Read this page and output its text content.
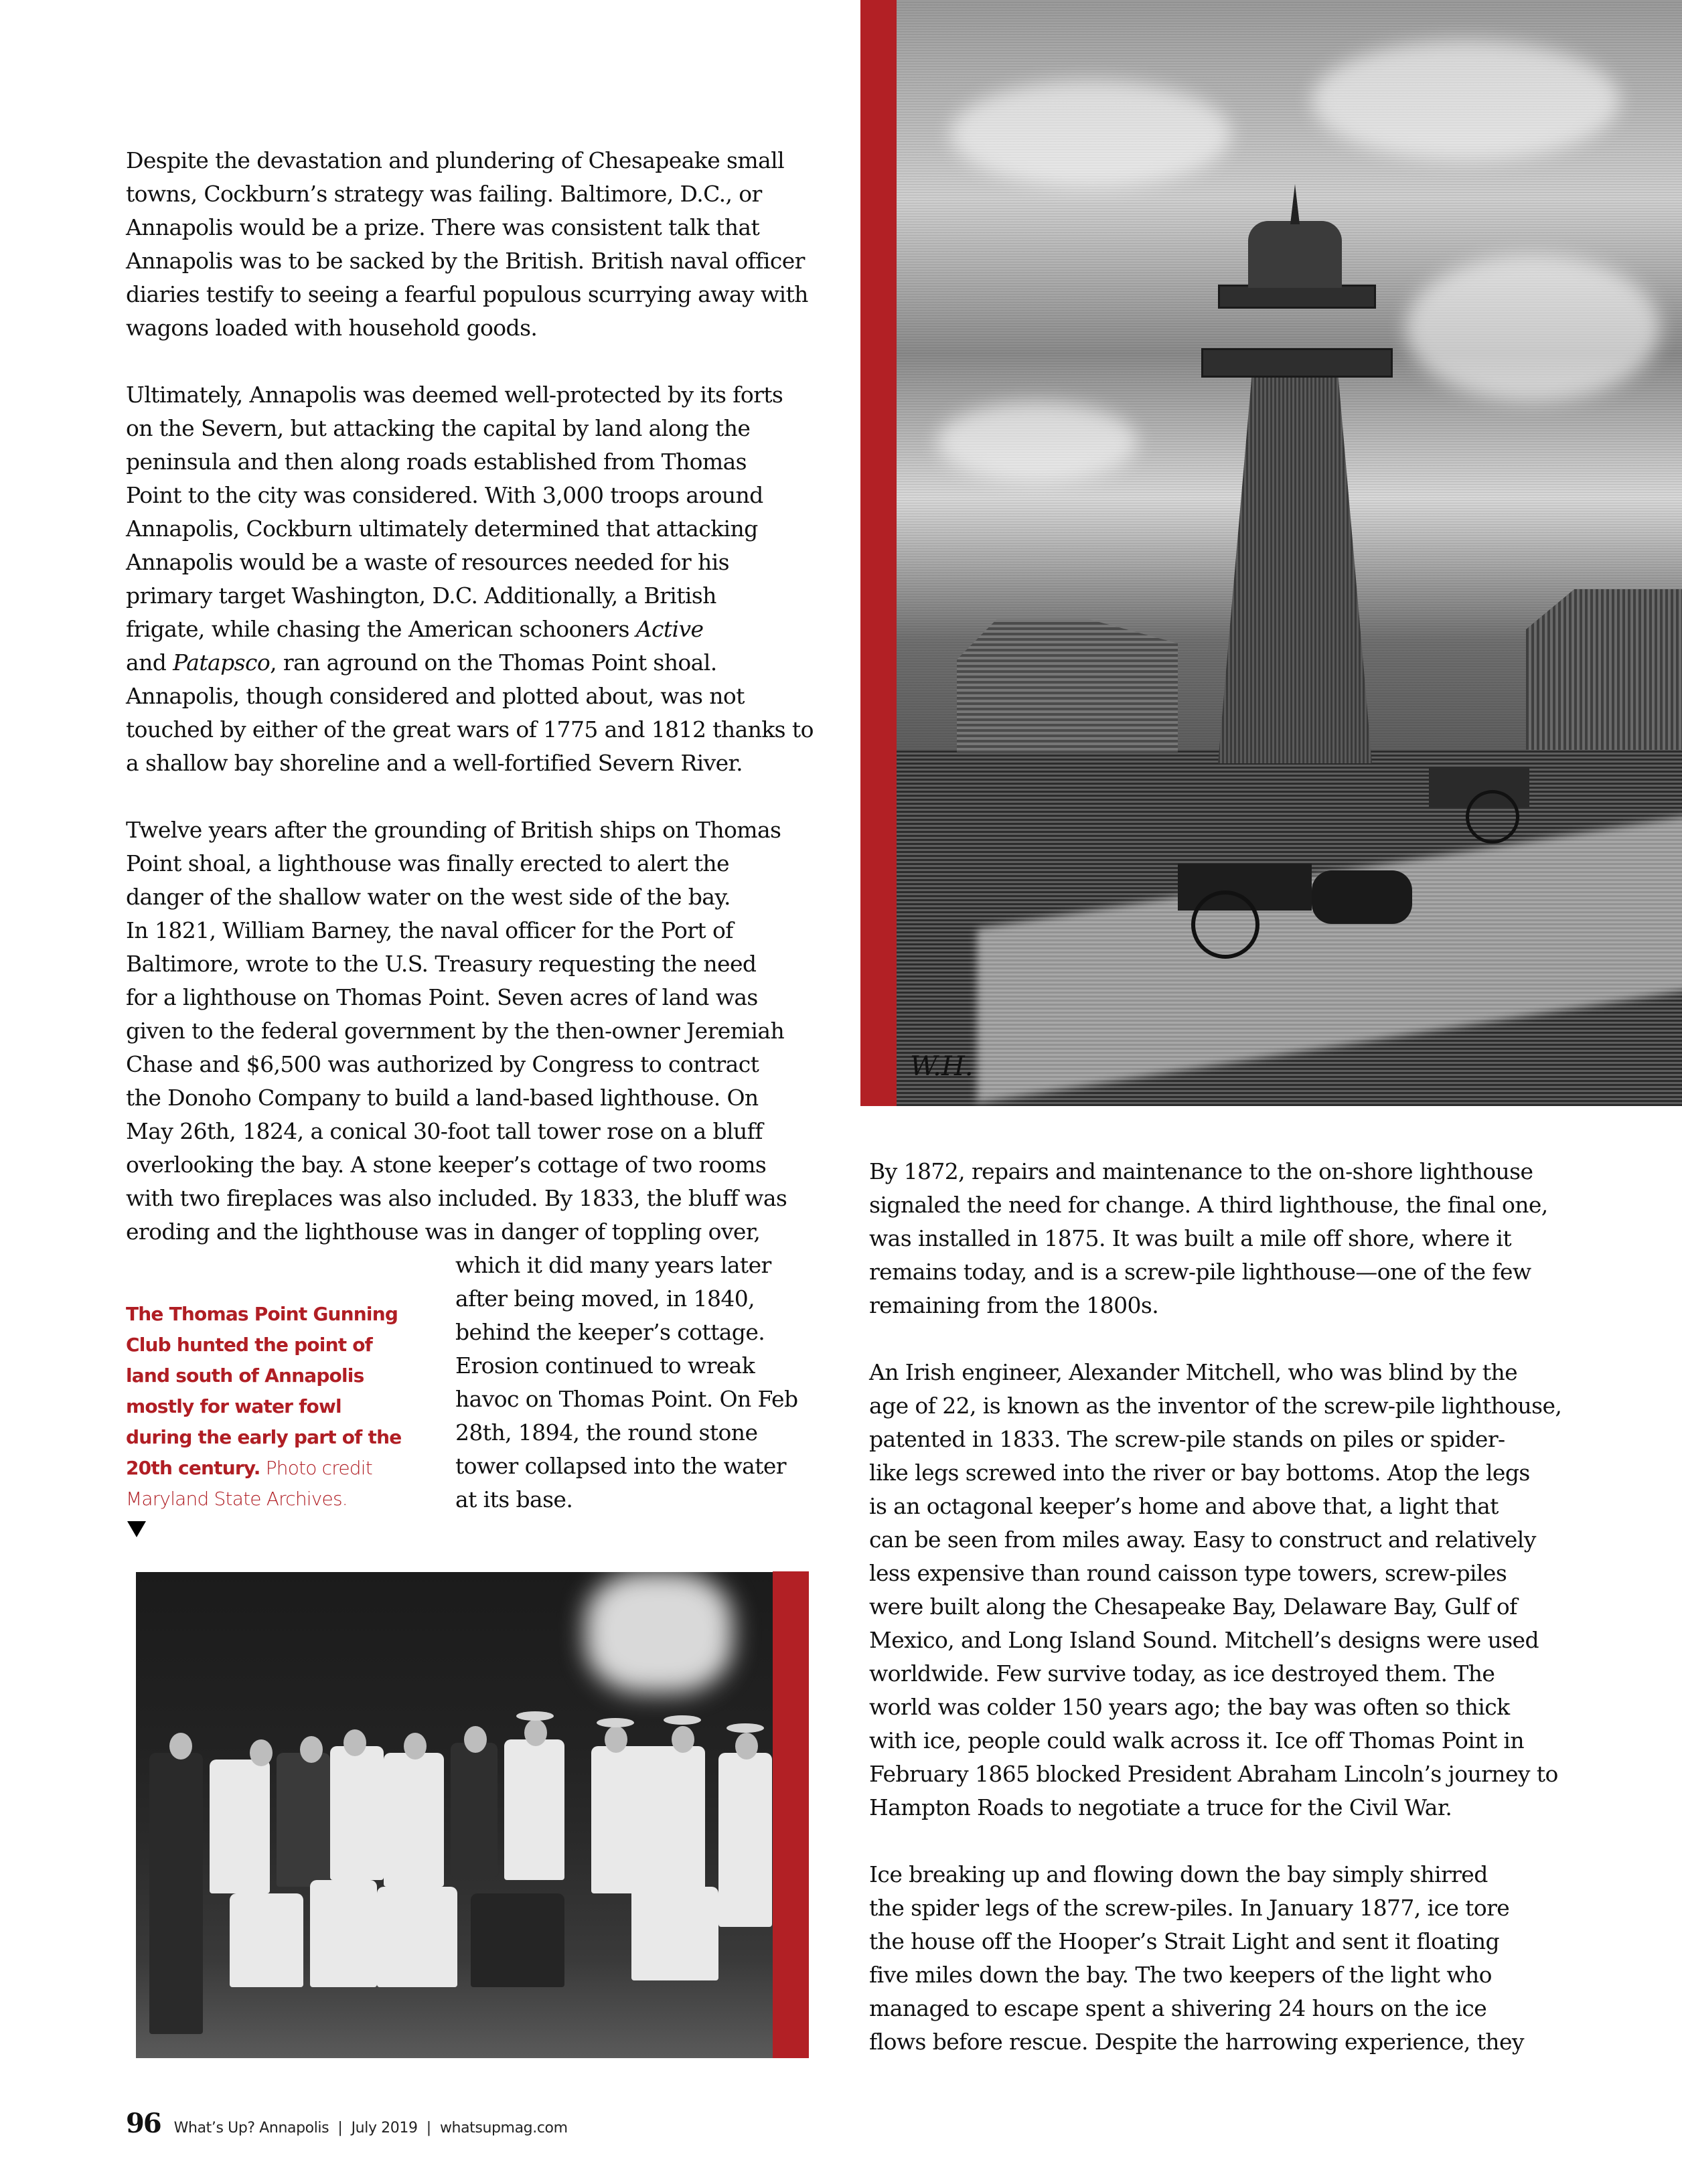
W.H.
Despite the devastation and plundering of Chesapeake small
towns, Cockburn’s strategy was failing. Baltimore, D.C., or
Annapolis would be a prize. There was consistent talk that
Annapolis was to be sacked by the British. British naval officer
diaries testify to seeing a fearful populous scurrying away with
wagons loaded with household goods.
Ultimately, Annapolis was deemed well-protected by its forts
on the Severn, but attacking the capital by land along the
peninsula and then along roads established from Thomas
Point to the city was considered. With 3,000 troops around
Annapolis, Cockburn ultimately determined that attacking
Annapolis would be a waste of resources needed for his
primary target Washington, D.C. Additionally, a British
frigate, while chasing the American schooners Active
and Patapsco, ran aground on the Thomas Point shoal.
Annapolis, though considered and plotted about, was not
touched by either of the great wars of 1775 and 1812 thanks to
a shallow bay shoreline and a well-fortified Severn River.
Twelve years after the grounding of British ships on Thomas
Point shoal, a lighthouse was finally erected to alert the
danger of the shallow water on the west side of the bay.
In 1821, William Barney, the naval officer for the Port of
Baltimore, wrote to the U.S. Treasury requesting the need
for a lighthouse on Thomas Point. Seven acres of land was
given to the federal government by the then-owner Jeremiah
Chase and $6,500 was authorized by Congress to contract
the Donoho Company to build a land-based lighthouse. On
May 26th, 1824, a conical 30-foot tall tower rose on a bluff
overlooking the bay. A stone keeper’s cottage of two rooms
with two fireplaces was also included. By 1833, the bluff was
eroding and the lighthouse was in danger of toppling over,
which it did many years later
after being moved, in 1840,
behind the keeper’s cottage.
Erosion continued to wreak
havoc on Thomas Point. On Feb
28th, 1894, the round stone
tower collapsed into the water
at its base.
The Thomas Point Gunning
Club hunted the point of
land south of Annapolis
mostly for water fowl
during the early part of the
20th century. Photo credit
Maryland State Archives.
By 1872, repairs and maintenance to the on-shore lighthouse
signaled the need for change. A third lighthouse, the final one,
was installed in 1875. It was built a mile off shore, where it
remains today, and is a screw-pile lighthouse—one of the few
remaining from the 1800s.
An Irish engineer, Alexander Mitchell, who was blind by the
age of 22, is known as the inventor of the screw-pile lighthouse,
patented in 1833. The screw-pile stands on piles or spider-
like legs screwed into the river or bay bottoms. Atop the legs
is an octagonal keeper’s home and above that, a light that
can be seen from miles away. Easy to construct and relatively
less expensive than round caisson type towers, screw-piles
were built along the Chesapeake Bay, Delaware Bay, Gulf of
Mexico, and Long Island Sound. Mitchell’s designs were used
worldwide. Few survive today, as ice destroyed them. The
world was colder 150 years ago; the bay was often so thick
with ice, people could walk across it. Ice off Thomas Point in
February 1865 blocked President Abraham Lincoln’s journey to
Hampton Roads to negotiate a truce for the Civil War.
Ice breaking up and flowing down the bay simply shirred
the spider legs of the screw-piles. In January 1877, ice tore
the house off the Hooper’s Strait Light and sent it floating
five miles down the bay. The two keepers of the light who
managed to escape spent a shivering 24 hours on the ice
flows before rescue. Despite the harrowing experience, they
96 What’s Up? Annapolis | July 2019 | whatsupmag.com
